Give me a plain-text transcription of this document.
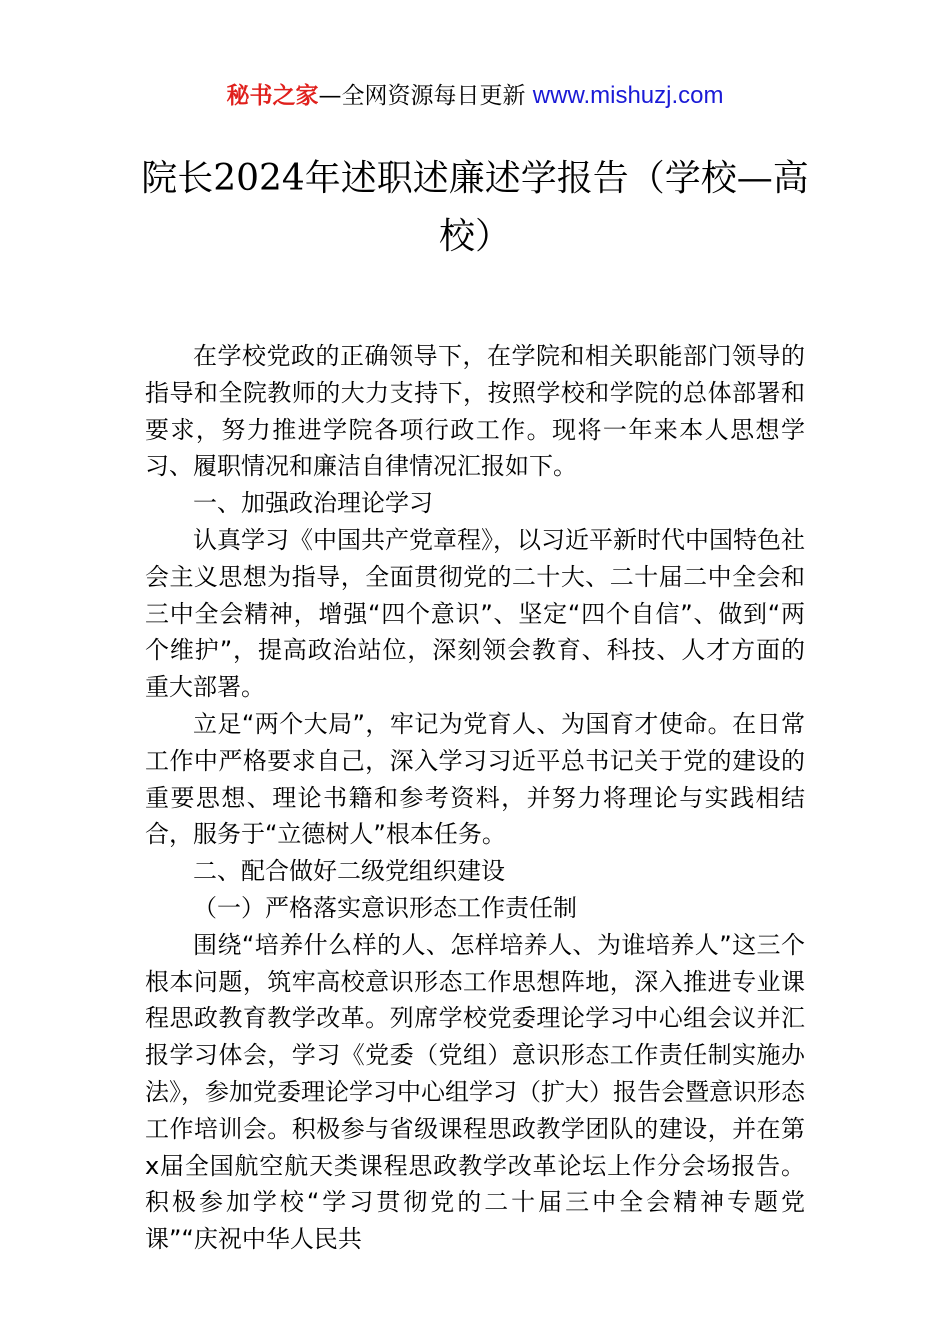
秘书之家—全网资源每日更新 www.mishuzj.com
院长2024年述职述廉述学报告（学校—高校）

在学校党政的正确领导下，在学院和相关职能部门领导的指导和全院教师的大力支持下，按照学校和学院的总体部署和要求，努力推进学院各项行政工作。现将一年来本人思想学习、履职情况和廉洁自律情况汇报如下。

一、加强政治理论学习

认真学习《中国共产党章程》，以习近平新时代中国特色社会主义思想为指导，全面贯彻党的二十大、二十届二中全会和三中全会精神，增强“四个意识”、坚定“四个自信”、做到“两个维护”，提高政治站位，深刻领会教育、科技、人才方面的重大部署。

立足“两个大局”，牢记为党育人、为国育才使命。在日常工作中严格要求自己，深入学习习近平总书记关于党的建设的重要思想、理论书籍和参考资料，并努力将理论与实践相结合，服务于“立德树人”根本任务。

二、配合做好二级党组织建设

（一）严格落实意识形态工作责任制

围绕“培养什么样的人、怎样培养人、为谁培养人”这三个根本问题，筑牢高校意识形态工作思想阵地，深入推进专业课程思政教育教学改革。列席学校党委理论学习中心组会议并汇报学习体会，学习《党委（党组）意识形态工作责任制实施办法》，参加党委理论学习中心组学习（扩大）报告会暨意识形态工作培训会。积极参与省级课程思政教学团队的建设，并在第x届全国航空航天类课程思政教学改革论坛上作分会场报告。积极参加学校“学习贯彻党的二十届三中全会精神专题党课”“庆祝中华人民共
